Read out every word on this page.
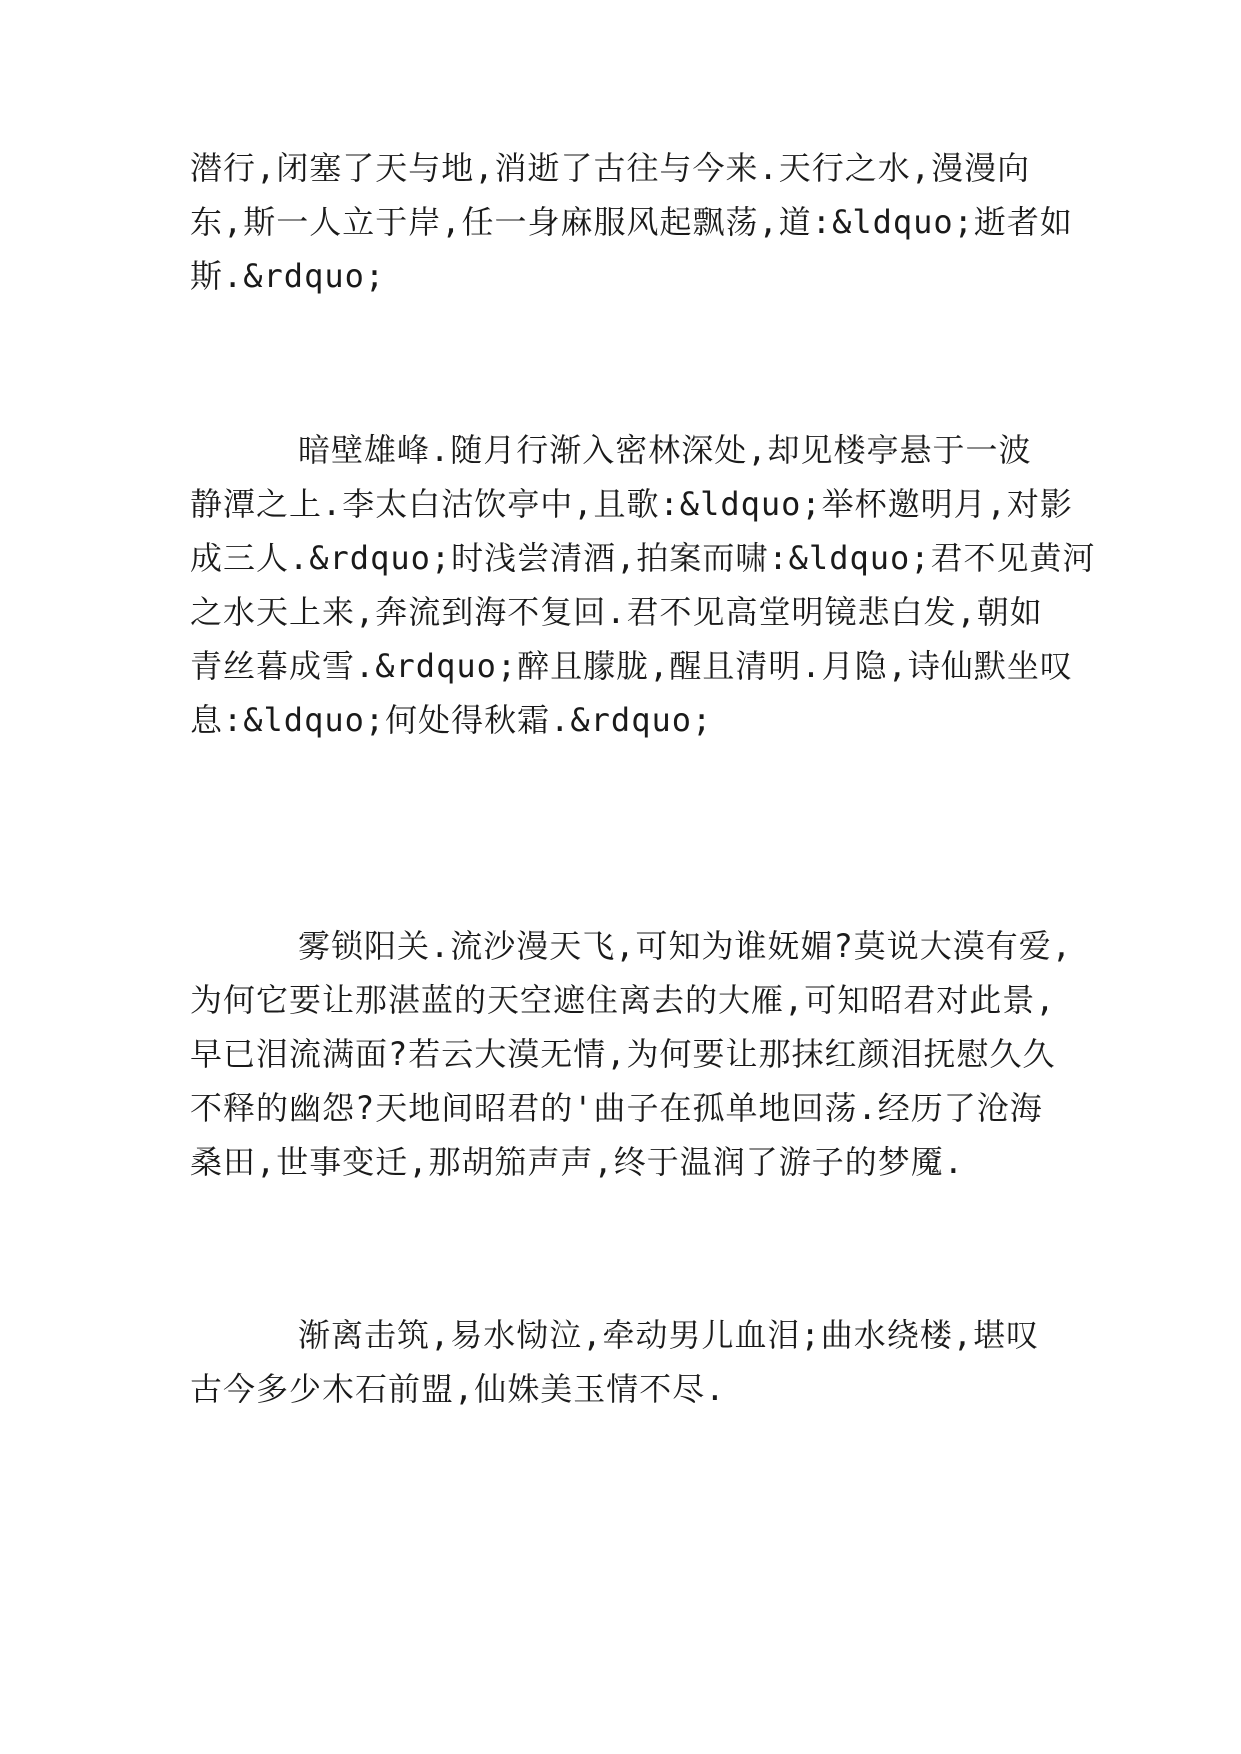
潜行,闭塞了天与地,消逝了古往与今来.天行之水,漫漫向
东,斯一人立于岸,任一身麻服风起飘荡,道:&ldquo;逝者如
斯.&rdquo;
暗壁雄峰.随月行渐入密林深处,却见楼亭悬于一波
静潭之上.李太白沽饮亭中,且歌:&ldquo;举杯邀明月,对影
成三人.&rdquo;时浅尝清酒,拍案而啸:&ldquo;君不见黄河
之水天上来,奔流到海不复回.君不见高堂明镜悲白发,朝如
青丝暮成雪.&rdquo;醉且朦胧,醒且清明.月隐,诗仙默坐叹
息:&ldquo;何处得秋霜.&rdquo;
雾锁阳关.流沙漫天飞,可知为谁妩媚?莫说大漠有爱,
为何它要让那湛蓝的天空遮住离去的大雁,可知昭君对此景,
早已泪流满面?若云大漠无情,为何要让那抹红颜泪抚慰久久
不释的幽怨?天地间昭君的'曲子在孤单地回荡.经历了沧海
桑田,世事变迁,那胡笳声声,终于温润了游子的梦魇.
渐离击筑,易水恸泣,牵动男儿血泪;曲水绕楼,堪叹
古今多少木石前盟,仙姝美玉情不尽.
